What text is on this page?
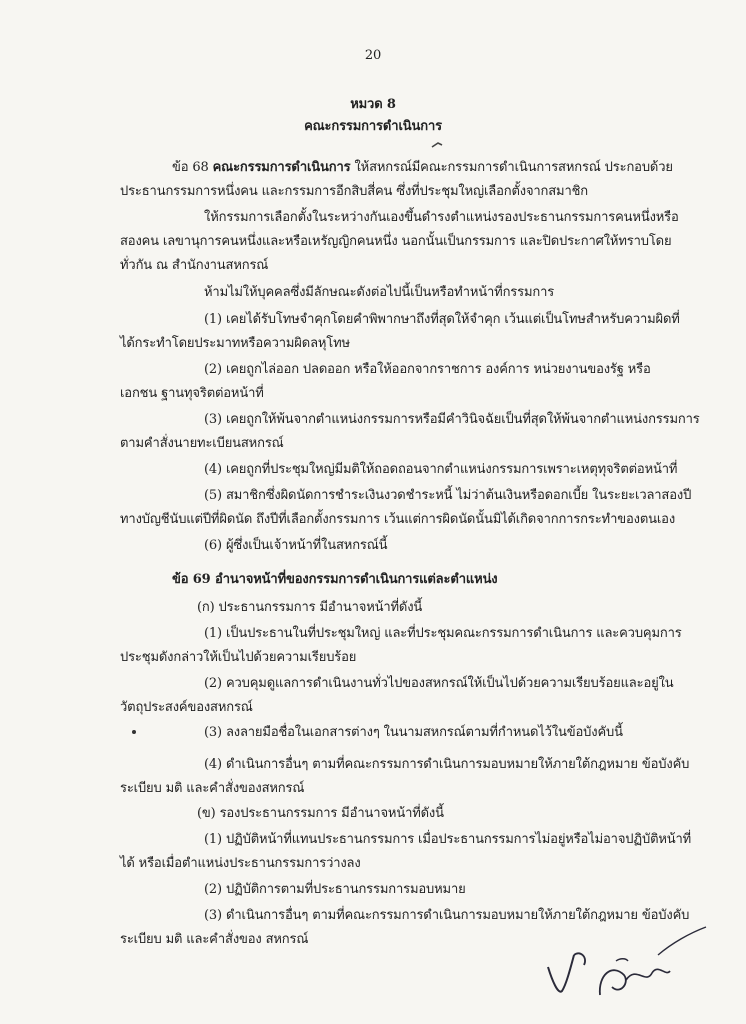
20
หมวด 8
คณะกรรมการดำเนินการ
ข้อ 68 คณะกรรมการดำเนินการ ให้สหกรณ์มีคณะกรรมการดำเนินการสหกรณ์ ประกอบด้วย
ประธานกรรมการหนึ่งคน และกรรมการอีกสิบสี่คน ซึ่งที่ประชุมใหญ่เลือกตั้งจากสมาชิก
ให้กรรมการเลือกตั้งในระหว่างกันเองขึ้นดำรงตำแหน่งรองประธานกรรมการคนหนึ่งหรือ
สองคน เลขานุการคนหนึ่งและหรือเหรัญญิกคนหนึ่ง นอกนั้นเป็นกรรมการ และปิดประกาศให้ทราบโดย
ทั่วกัน ณ สำนักงานสหกรณ์
ห้ามไม่ให้บุคคลซึ่งมีลักษณะดังต่อไปนี้เป็นหรือทำหน้าที่กรรมการ
(1) เคยได้รับโทษจำคุกโดยคำพิพากษาถึงที่สุดให้จำคุก เว้นแต่เป็นโทษสำหรับความผิดที่
ได้กระทำโดยประมาทหรือความผิดลหุโทษ
(2) เคยถูกไล่ออก ปลดออก หรือให้ออกจากราชการ องค์การ หน่วยงานของรัฐ หรือ
เอกชน ฐานทุจริตต่อหน้าที่
(3) เคยถูกให้พ้นจากตำแหน่งกรรมการหรือมีคำวินิจฉัยเป็นที่สุดให้พ้นจากตำแหน่งกรรมการ
ตามคำสั่งนายทะเบียนสหกรณ์
(4) เคยถูกที่ประชุมใหญ่มีมติให้ถอดถอนจากตำแหน่งกรรมการเพราะเหตุทุจริตต่อหน้าที่
(5) สมาชิกซึ่งผิดนัดการชำระเงินงวดชำระหนี้ ไม่ว่าต้นเงินหรือดอกเบี้ย ในระยะเวลาสองปี
ทางบัญชีนับแต่ปีที่ผิดนัด ถึงปีที่เลือกตั้งกรรมการ เว้นแต่การผิดนัดนั้นมิได้เกิดจากการกระทำของตนเอง
(6) ผู้ซึ่งเป็นเจ้าหน้าที่ในสหกรณ์นี้
ข้อ 69 อำนาจหน้าที่ของกรรมการดำเนินการแต่ละตำแหน่ง
(ก) ประธานกรรมการ มีอำนาจหน้าที่ดังนี้
(1) เป็นประธานในที่ประชุมใหญ่ และที่ประชุมคณะกรรมการดำเนินการ และควบคุมการ
ประชุมดังกล่าวให้เป็นไปด้วยความเรียบร้อย
(2) ควบคุมดูแลการดำเนินงานทั่วไปของสหกรณ์ให้เป็นไปด้วยความเรียบร้อยและอยู่ใน
วัตถุประสงค์ของสหกรณ์
(3) ลงลายมือชื่อในเอกสารต่างๆ ในนามสหกรณ์ตามที่กำหนดไว้ในข้อบังคับนี้
(4) ดำเนินการอื่นๆ ตามที่คณะกรรมการดำเนินการมอบหมายให้ภายใต้กฎหมาย ข้อบังคับ
ระเบียบ มติ และคำสั่งของสหกรณ์
(ข) รองประธานกรรมการ มีอำนาจหน้าที่ดังนี้
(1) ปฏิบัติหน้าที่แทนประธานกรรมการ เมื่อประธานกรรมการไม่อยู่หรือไม่อาจปฏิบัติหน้าที่
ได้ หรือเมื่อตำแหน่งประธานกรรมการว่างลง
(2) ปฏิบัติการตามที่ประธานกรรมการมอบหมาย
(3) ดำเนินการอื่นๆ ตามที่คณะกรรมการดำเนินการมอบหมายให้ภายใต้กฎหมาย ข้อบังคับ
ระเบียบ มติ และคำสั่งของ สหกรณ์
